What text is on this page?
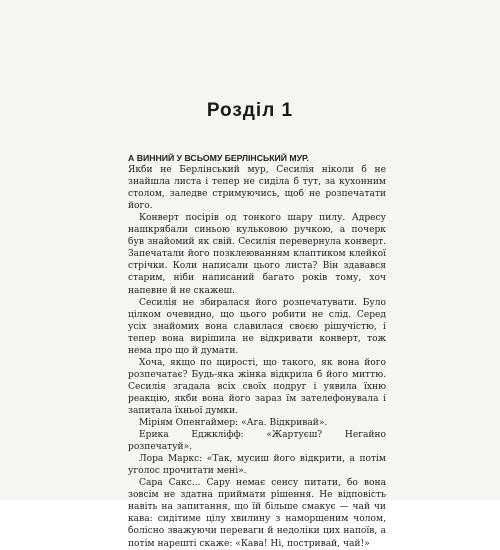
Розділ 1

А ВИННИЙ У ВСЬОМУ БЕРЛІНСЬКИЙ МУР.

Якби не Берлінський мур, Сесилія ніколи б не знайшла листа і тепер не сиділа б тут, за кухонним столом, заледве стримуючись, щоб не розпечатати його.

Конверт посірів од тонкого шару пилу. Адресу нашкрябали синьою кульковою ручкою, а почерк був знайомий як свій. Сесилія перевернула конверт. Запечатали його позклеюванням клаптиком клейкої стрічки. Коли написали цього листа? Він здавався старим, ніби написаний багато років тому, хоч напевне й не скажеш.

Сесилія не збиралася його розпечатувати. Було цілком очевидно, що цього робити не слід. Серед усіх знайомих вона славилася своєю рішучістю, і тепер вона вирішила не відкривати конверт, тож нема про що й думати.

Хоча, якщо по щирості, що такого, як вона його розпечатає? Будь-яка жінка відкрила б його миттю. Сесилія згадала всіх своїх подруг і уявила їхню реакцію, якби вона його зараз їм зателефонувала і запитала їхньої думки.

Міріям Опенгаймер: «Ага. Відкривай».

Ерика Еджкліфф: «Жартуєш? Негайно розпечатуй».

Лора Маркс: «Так, мусиш його відкрити, а потім уголос прочитати мені».

Сара Сакс... Сару немає сенсу питати, бо вона зовсім не здатна приймати рішення. Не відповість навіть на запитання, що їй більше смакує — чай чи кава: сидітиме цілу хвилину з наморщеним чолом, болісно зважуючи переваги й недоліки цих напоїв, а потім нарешті скаже: «Кава! Ні, постривай, чай!»
